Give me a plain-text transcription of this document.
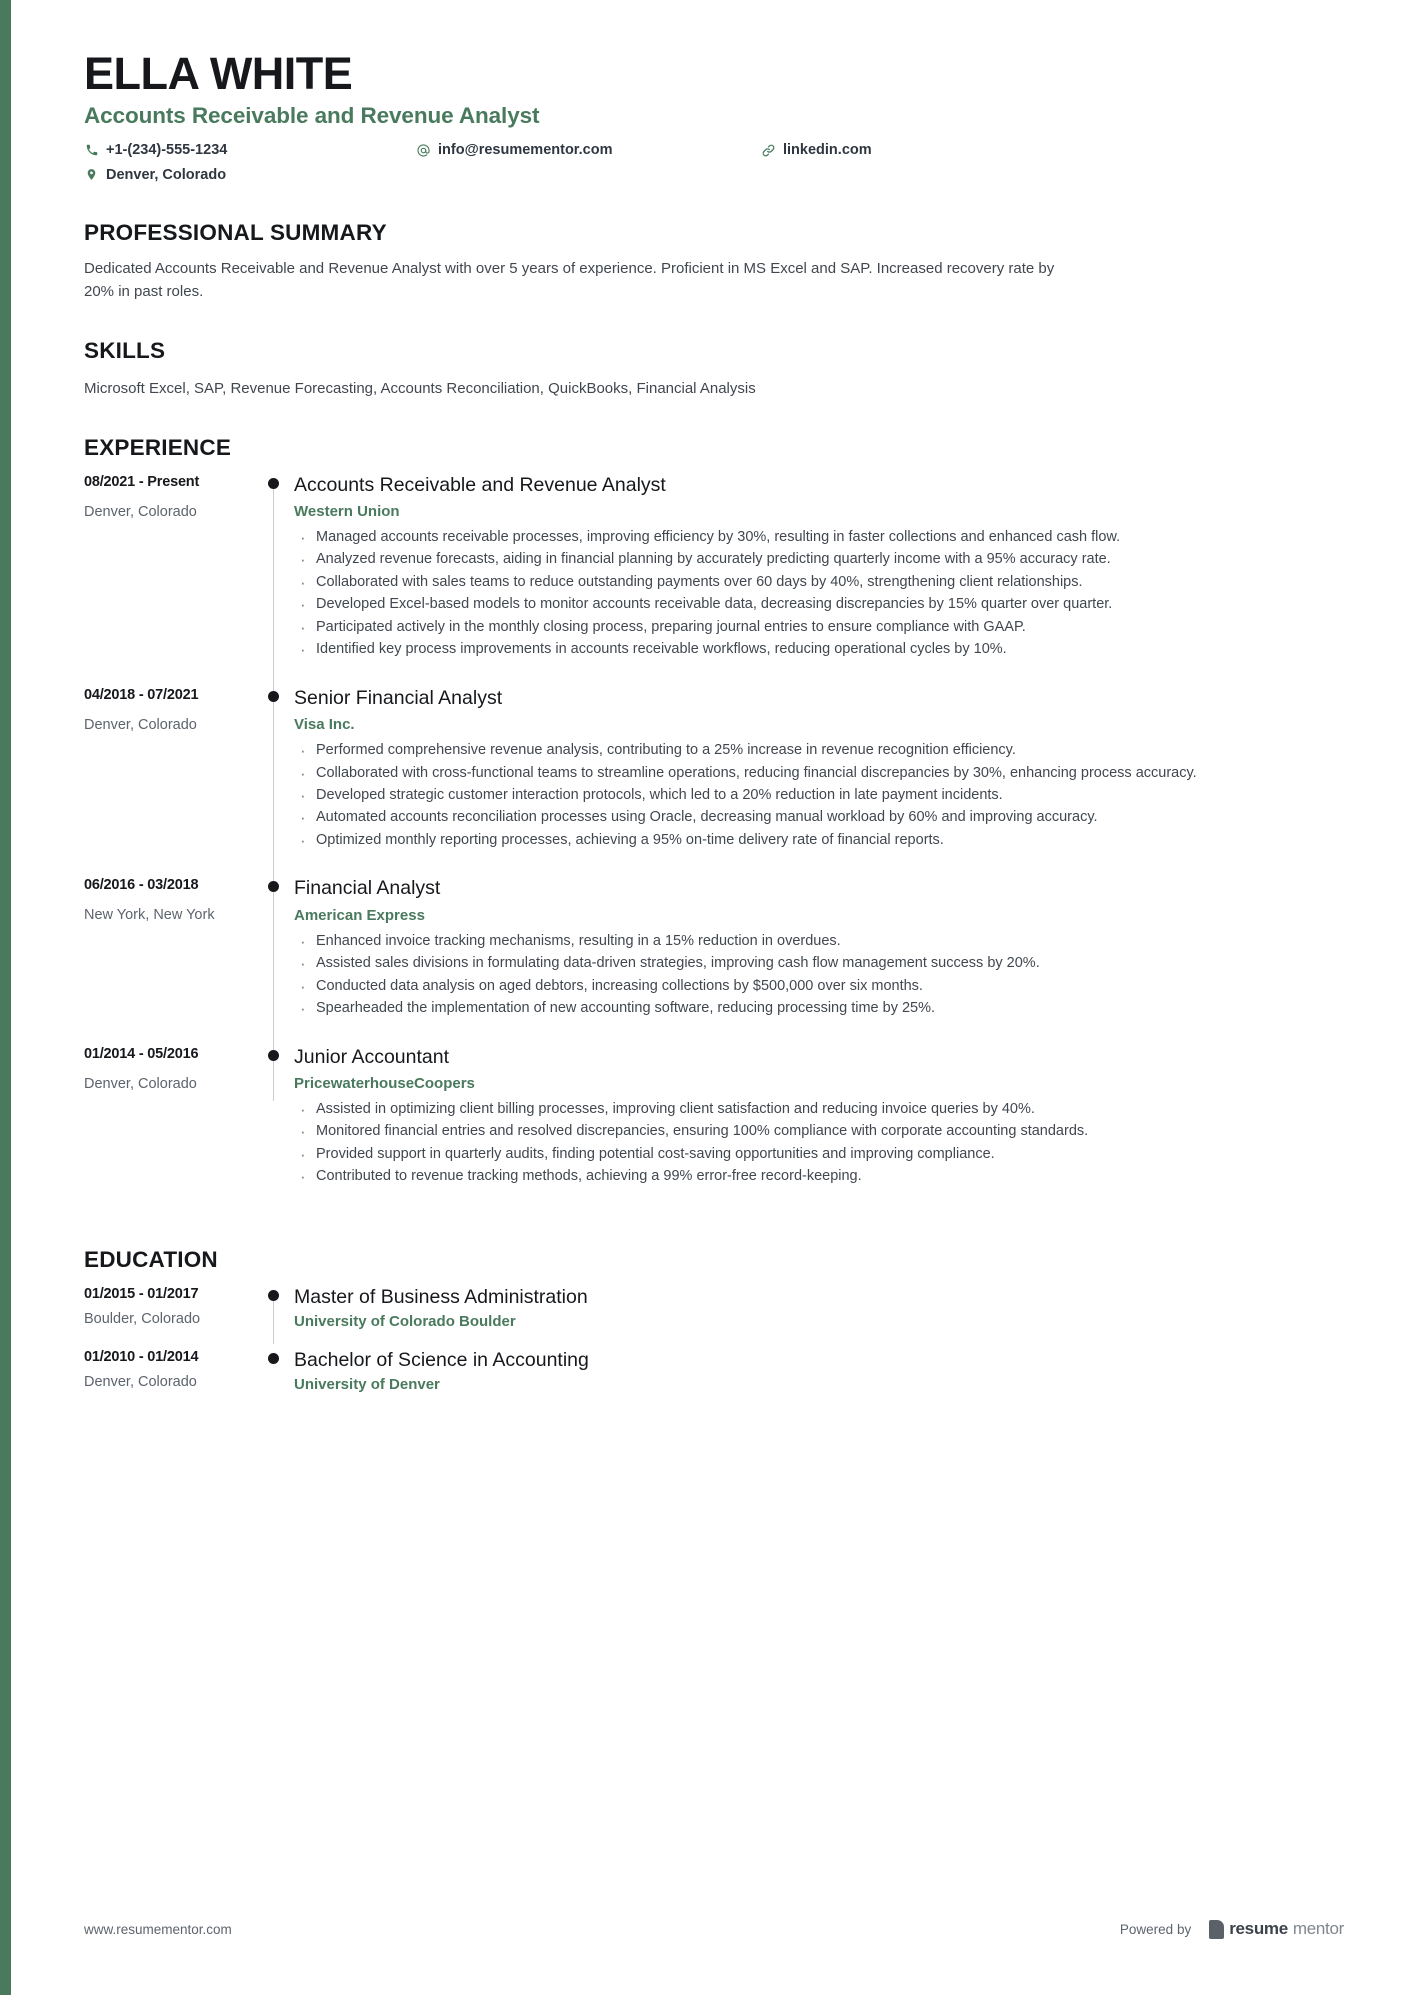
ELLA WHITE
Accounts Receivable and Revenue Analyst
+1-(234)-555-1234	info@resumementor.com	linkedin.com
Denver, Colorado
PROFESSIONAL SUMMARY

Dedicated Accounts Receivable and Revenue Analyst with over 5 years of experience. Proficient in MS Excel and SAP. Increased recovery rate by 20% in past roles.

SKILLS

Microsoft Excel, SAP, Revenue Forecasting, Accounts Reconciliation, QuickBooks, Financial Analysis

EXPERIENCE
08/2021 - Present
Denver, Colorado
Accounts Receivable and Revenue Analyst
Western Union
· Managed accounts receivable processes, improving efficiency by 30%, resulting in faster collections and enhanced cash flow.
· Analyzed revenue forecasts, aiding in financial planning by accurately predicting quarterly income with a 95% accuracy rate.
· Collaborated with sales teams to reduce outstanding payments over 60 days by 40%, strengthening client relationships.
· Developed Excel-based models to monitor accounts receivable data, decreasing discrepancies by 15% quarter over quarter.
· Participated actively in the monthly closing process, preparing journal entries to ensure compliance with GAAP.
· Identified key process improvements in accounts receivable workflows, reducing operational cycles by 10%.
04/2018 - 07/2021
Denver, Colorado
Senior Financial Analyst
Visa Inc.
· Performed comprehensive revenue analysis, contributing to a 25% increase in revenue recognition efficiency.
· Collaborated with cross-functional teams to streamline operations, reducing financial discrepancies by 30%, enhancing process accuracy.
· Developed strategic customer interaction protocols, which led to a 20% reduction in late payment incidents.
· Automated accounts reconciliation processes using Oracle, decreasing manual workload by 60% and improving accuracy.
· Optimized monthly reporting processes, achieving a 95% on-time delivery rate of financial reports.
06/2016 - 03/2018
New York, New York
Financial Analyst
American Express
· Enhanced invoice tracking mechanisms, resulting in a 15% reduction in overdues.
· Assisted sales divisions in formulating data-driven strategies, improving cash flow management success by 20%.
· Conducted data analysis on aged debtors, increasing collections by $500,000 over six months.
· Spearheaded the implementation of new accounting software, reducing processing time by 25%.
01/2014 - 05/2016
Denver, Colorado
Junior Accountant
PricewaterhouseCoopers
· Assisted in optimizing client billing processes, improving client satisfaction and reducing invoice queries by 40%.
· Monitored financial entries and resolved discrepancies, ensuring 100% compliance with corporate accounting standards.
· Provided support in quarterly audits, finding potential cost-saving opportunities and improving compliance.
· Contributed to revenue tracking methods, achieving a 99% error-free record-keeping.
EDUCATION
01/2015 - 01/2017
Boulder, Colorado
Master of Business Administration
University of Colorado Boulder
01/2010 - 01/2014
Denver, Colorado
Bachelor of Science in Accounting
University of Denver
www.resumementor.com	Powered by resume mentor
